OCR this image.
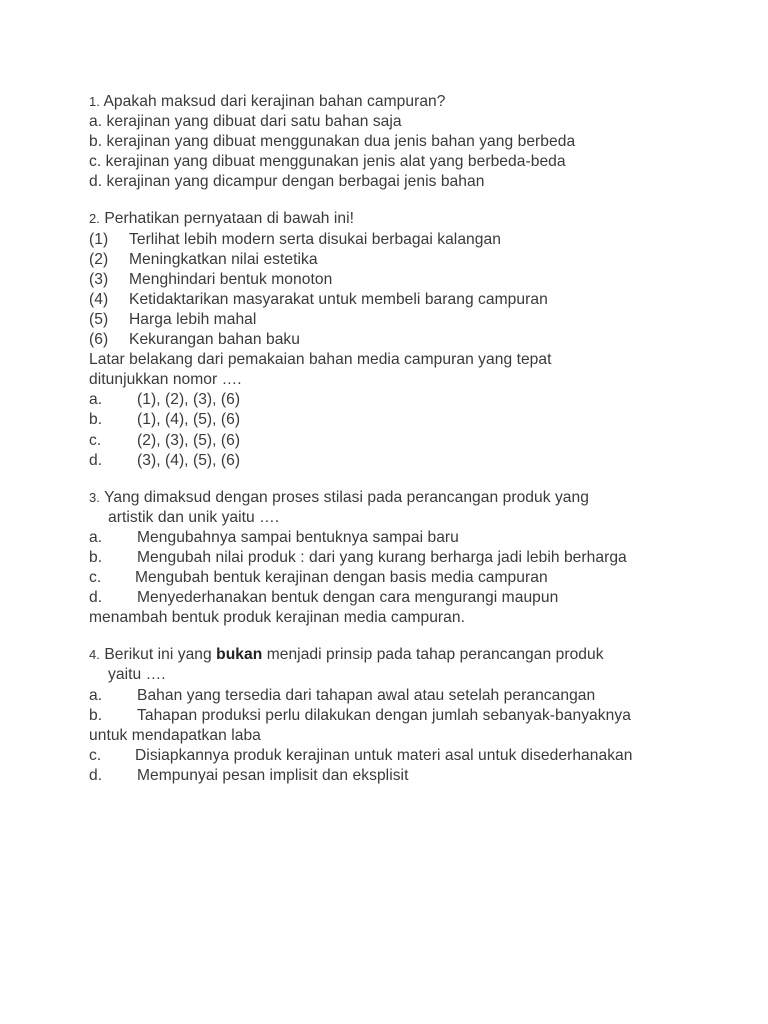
1. Apakah maksud dari kerajinan bahan campuran?
a. kerajinan yang dibuat dari satu bahan saja
b. kerajinan yang dibuat menggunakan dua jenis bahan yang berbeda
c. kerajinan yang dibuat menggunakan jenis alat yang berbeda-beda
d. kerajinan yang dicampur dengan berbagai jenis bahan
2. Perhatikan pernyataan di bawah ini!
(1) Terlihat lebih modern serta disukai berbagai kalangan
(2) Meningkatkan nilai estetika
(3) Menghindari bentuk monoton
(4) Ketidaktarikan masyarakat untuk membeli barang campuran
(5) Harga lebih mahal
(6) Kekurangan bahan baku
Latar belakang dari pemakaian bahan media campuran yang tepat
ditunjukkan nomor ….
a. (1), (2), (3), (6)
b. (1), (4), (5), (6)
c. (2), (3), (5), (6)
d. (3), (4), (5), (6)
3. Yang dimaksud dengan proses stilasi pada perancangan produk yang
artistik dan unik yaitu ….
a. Mengubahnya sampai bentuknya sampai baru
b. Mengubah nilai produk : dari yang kurang berharga jadi lebih berharga
c. Mengubah bentuk kerajinan dengan basis media campuran
d. Menyederhanakan bentuk dengan cara mengurangi maupun
menambah bentuk produk kerajinan media campuran.
4. Berikut ini yang bukan menjadi prinsip pada tahap perancangan produk
yaitu ….
a. Bahan yang tersedia dari tahapan awal atau setelah perancangan
b. Tahapan produksi perlu dilakukan dengan jumlah sebanyak-banyaknya
untuk mendapatkan laba
c. Disiapkannya produk kerajinan untuk materi asal untuk disederhanakan
d. Mempunyai pesan implisit dan eksplisit
